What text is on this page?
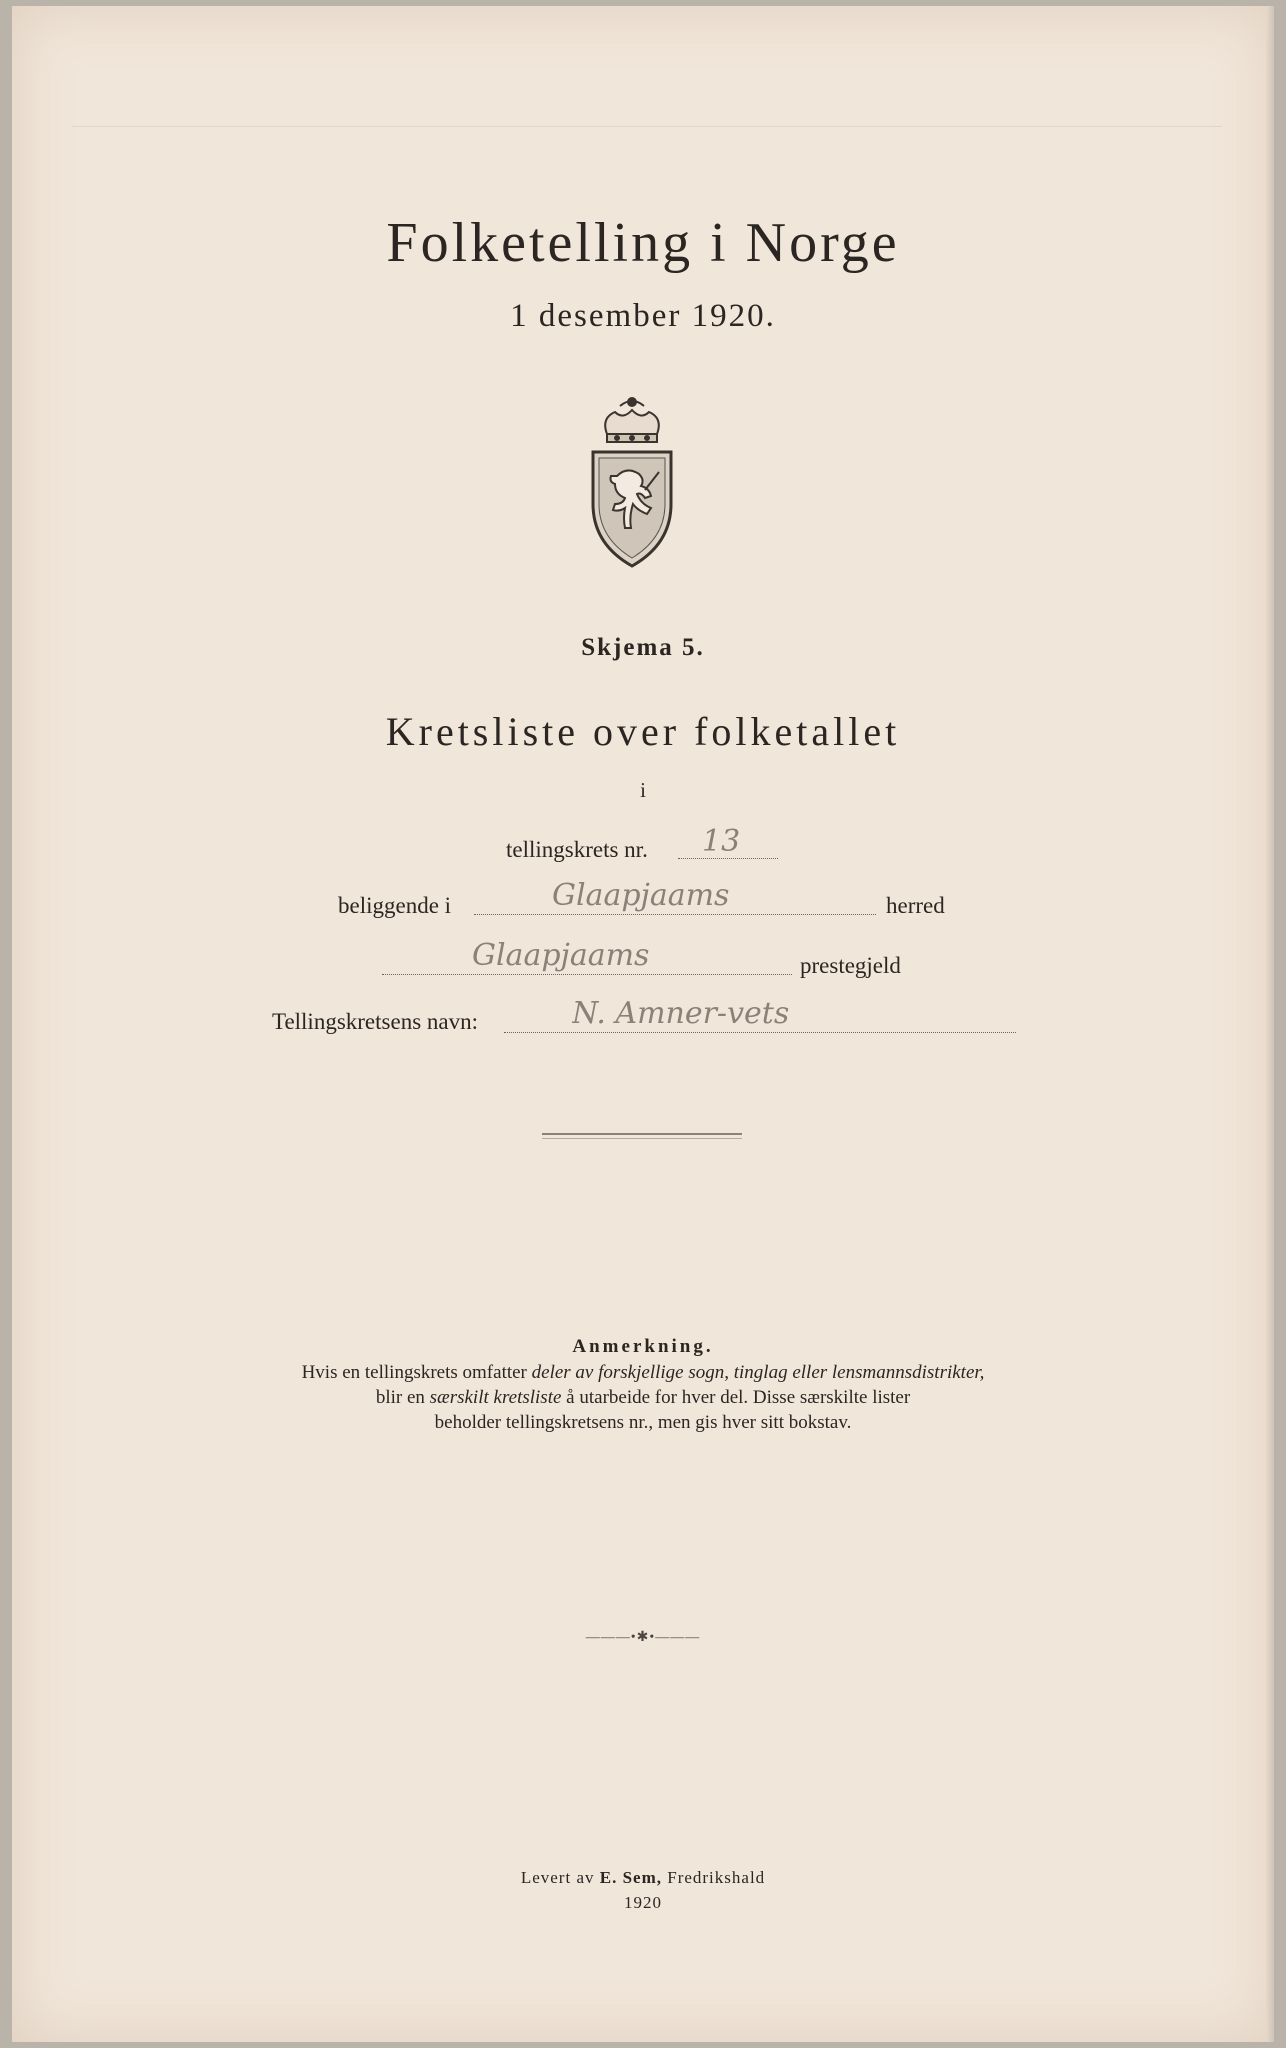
Folketelling i Norge
1 desember 1920.
Skjema 5.
Kretsliste over folketallet
i
tellingskrets nr. 13
beliggende i	Glaapjaams	herred
Glaapjaams	prestegjeld
Tellingskretsens navn:	N. Amner-vets
Anmerkning.
Hvis en tellingskrets omfatter deler av forskjellige sogn, tinglag eller lensmannsdistrikter,
blir en særskilt kretsliste å utarbeide for hver del. Disse særskilte lister
beholder tellingskretsens nr., men gis hver sitt bokstav.
———•✱•———
Levert av E. Sem, Fredrikshald
1920
